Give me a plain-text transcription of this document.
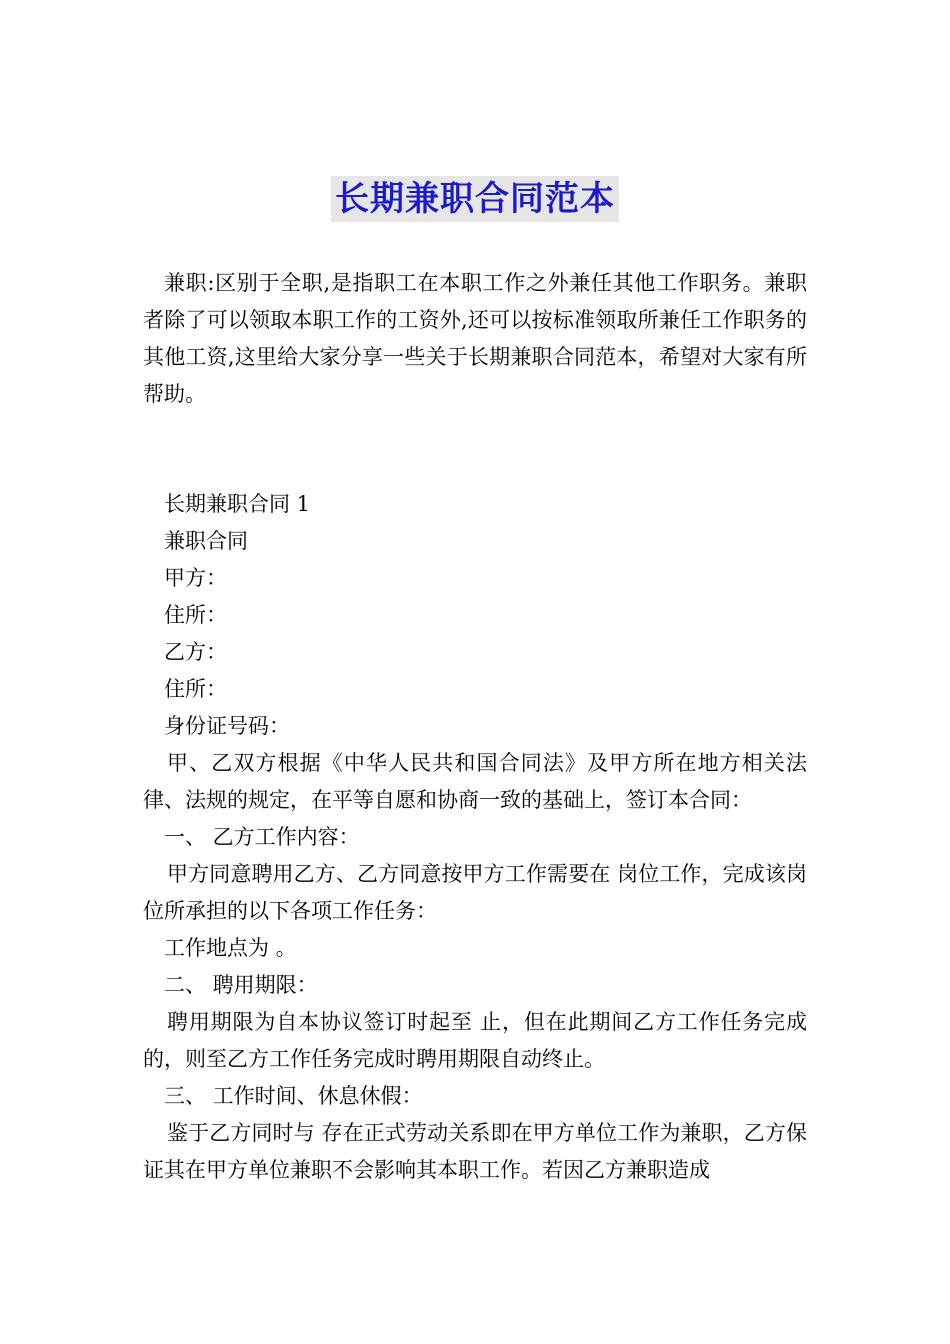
长期兼职合同范本

兼职:区别于全职,是指职工在本职工作之外兼任其他工作职务。兼职者除了可以领取本职工作的工资外,还可以按标准领取所兼任工作职务的其他工资,这里给大家分享一些关于长期兼职合同范本，希望对大家有所帮助。

长期兼职合同 1
兼职合同
甲方：
住所：
乙方：
住所：
身份证号码：
甲、乙双方根据《中华人民共和国合同法》及甲方所在地方相关法律、法规的规定，在平等自愿和协商一致的基础上，签订本合同：
一、 乙方工作内容：
甲方同意聘用乙方、乙方同意按甲方工作需要在 岗位工作，完成该岗位所承担的以下各项工作任务：
工作地点为 。
二、 聘用期限：
聘用期限为自本协议签订时起至 止，但在此期间乙方工作任务完成的，则至乙方工作任务完成时聘用期限自动终止。
三、 工作时间、休息休假：
鉴于乙方同时与 存在正式劳动关系即在甲方单位工作为兼职，乙方保证其在甲方单位兼职不会影响其本职工作。若因乙方兼职造成
